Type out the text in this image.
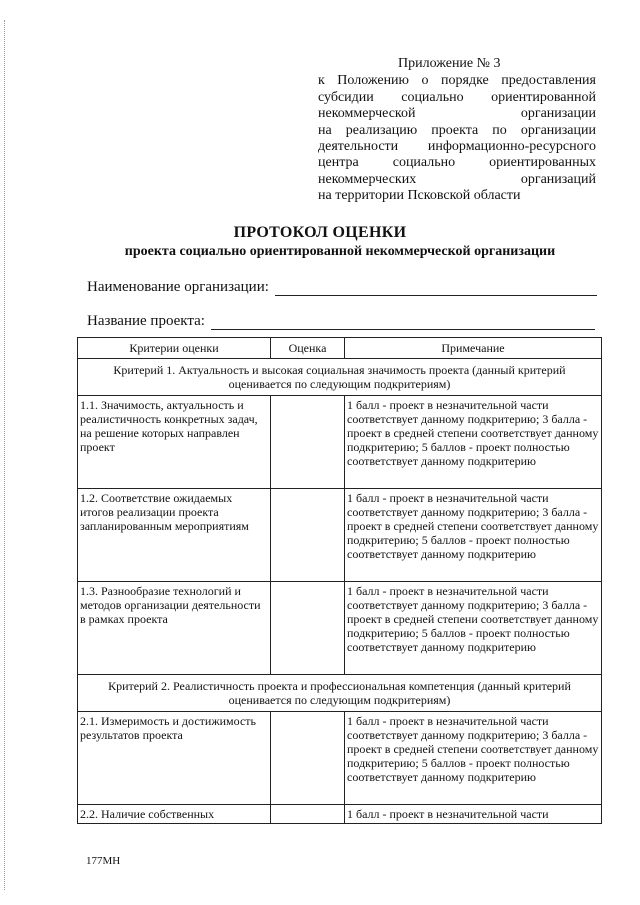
Приложение № 3
к Положению о порядке предоставления
субсидии социально ориентированной
некоммерческой	организации
на реализацию проекта по организации
деятельности информационно-ресурсного
центра социально ориентированных
некоммерческих	организаций
на территории Псковской области
ПРОТОКОЛ ОЦЕНКИ
проекта социально ориентированной некоммерческой организации
Наименование организации:
Название проекта:
Критерии оценки	Оценка	Примечание
Критерий 1. Актуальность и высокая социальная значимость проекта (данный критерий оценивается по следующим подкритериям)		
1.1. Значимость, актуальность и реалистичность конкретных задач, на решение которых направлен проект		1 балл - проект в незначительной части соответствует данному подкритерию; 3 балла - проект в средней степени соответствует данному подкритерию; 5 баллов - проект полностью соответствует данному подкритерию
1.2. Соответствие ожидаемых итогов реализации проекта запланированным мероприятиям		1 балл - проект в незначительной части соответствует данному подкритерию; 3 балла - проект в средней степени соответствует данному подкритерию; 5 баллов - проект полностью соответствует данному подкритерию
1.3. Разнообразие технологий и методов организации деятельности в рамках проекта		1 балл - проект в незначительной части соответствует данному подкритерию; 3 балла - проект в средней степени соответствует данному подкритерию; 5 баллов - проект полностью соответствует данному подкритерию
Критерий 2. Реалистичность проекта и профессиональная компетенция (данный критерий оценивается по следующим подкритериям)		
2.1. Измеримость и достижимость результатов проекта		1 балл - проект в незначительной части соответствует данному подкритерию; 3 балла - проект в средней степени соответствует данному подкритерию; 5 баллов - проект полностью соответствует данному подкритерию
2.2. Наличие собственных		1 балл - проект в незначительной части
177МН
